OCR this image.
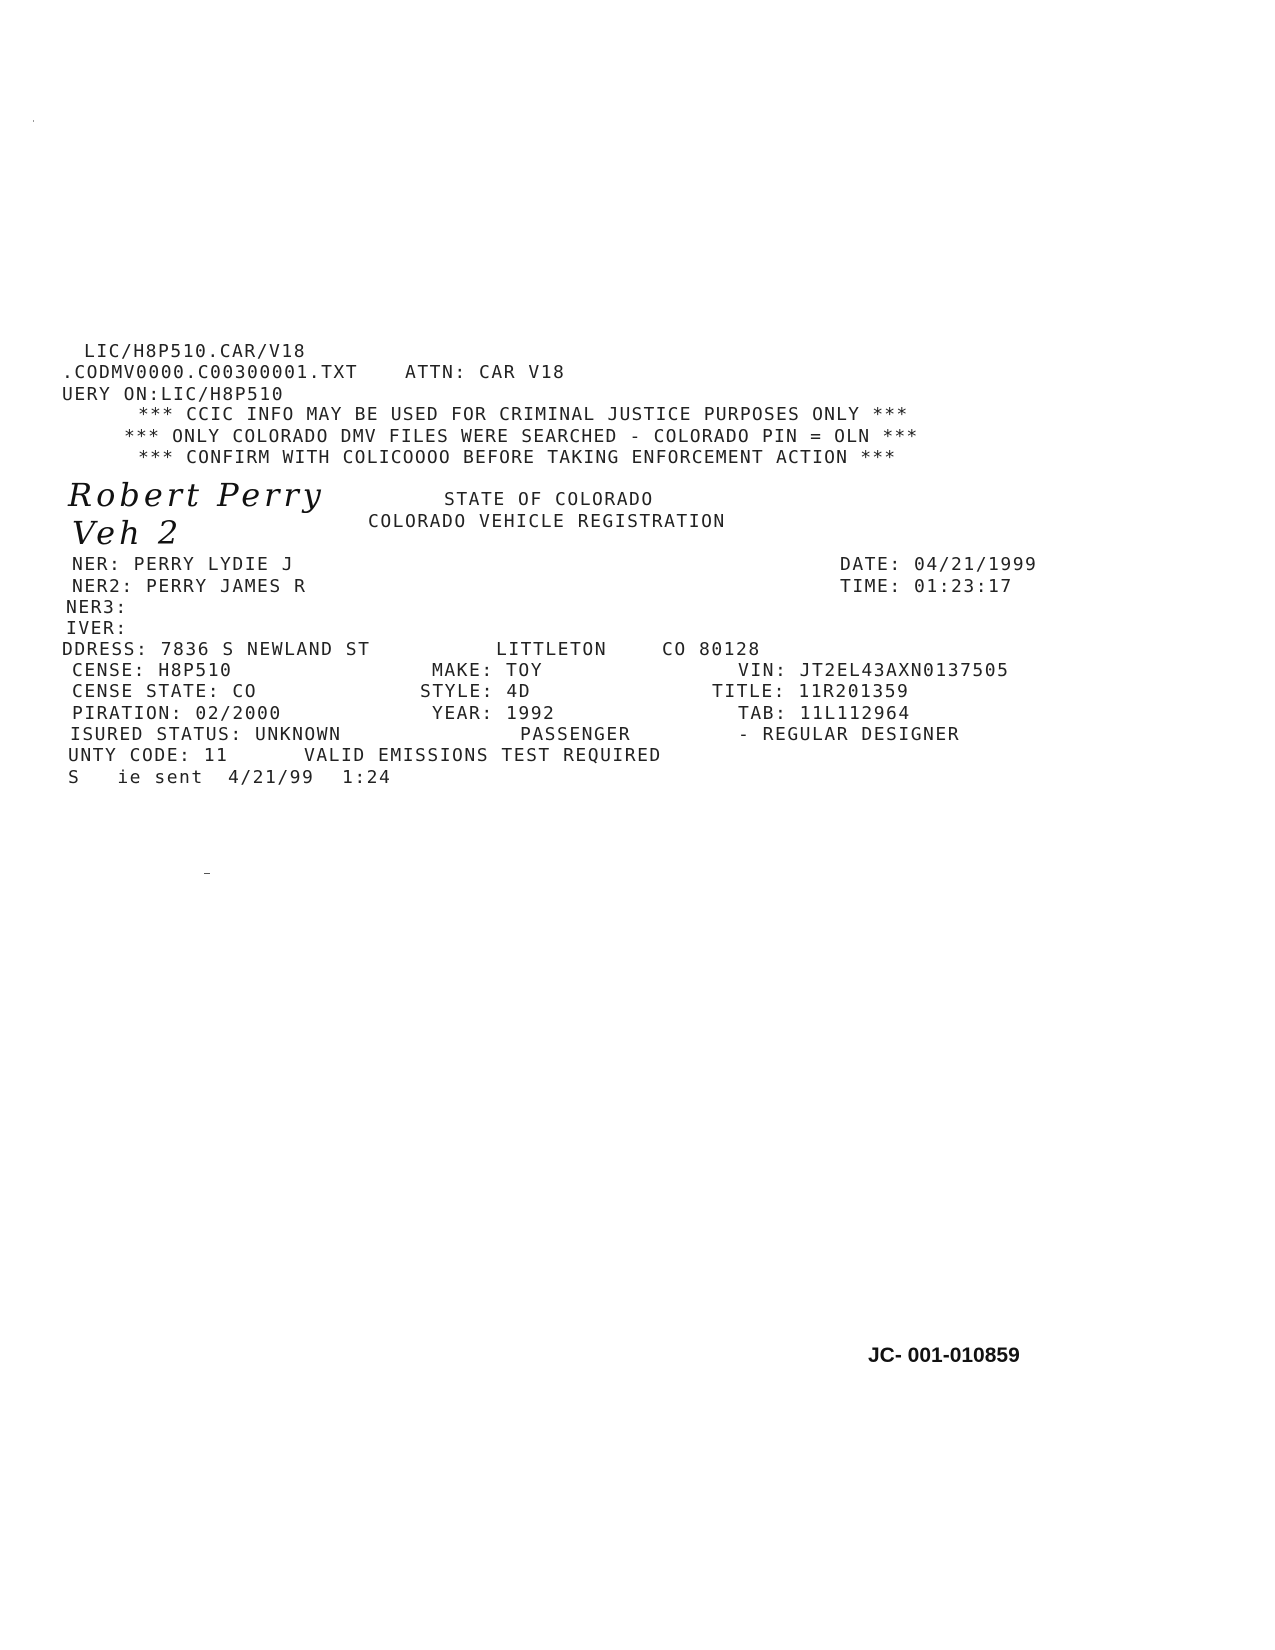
LIC/H8P510.CAR/V18
.CODMV0000.C00300001.TXT	ATTN: CAR V18
UERY ON:LIC/H8P510
*** CCIC INFO MAY BE USED FOR CRIMINAL JUSTICE PURPOSES ONLY ***
*** ONLY COLORADO DMV FILES WERE SEARCHED - COLORADO PIN = OLN ***
*** CONFIRM WITH COLICOOOO BEFORE TAKING ENFORCEMENT ACTION ***
Robert Perry
Veh 2
STATE OF COLORADO
COLORADO VEHICLE REGISTRATION
NER: PERRY LYDIE J
NER2: PERRY JAMES R
NER3:
IVER:
DATE: 04/21/1999
TIME: 01:23:17
DDRESS: 7836 S NEWLAND ST	LITTLETON	CO 80128
CENSE: H8P510	MAKE: TOY	VIN: JT2EL43AXN0137505
CENSE STATE: CO	STYLE: 4D	TITLE: 11R201359
PIRATION: 02/2000	YEAR: 1992	TAB: 11L112964
ISURED STATUS: UNKNOWN	PASSENGER	- REGULAR DESIGNER
UNTY CODE: 11	VALID EMISSIONS TEST REQUIRED
S   ie sent 4/21/99 1:24
JC- 001-010859
